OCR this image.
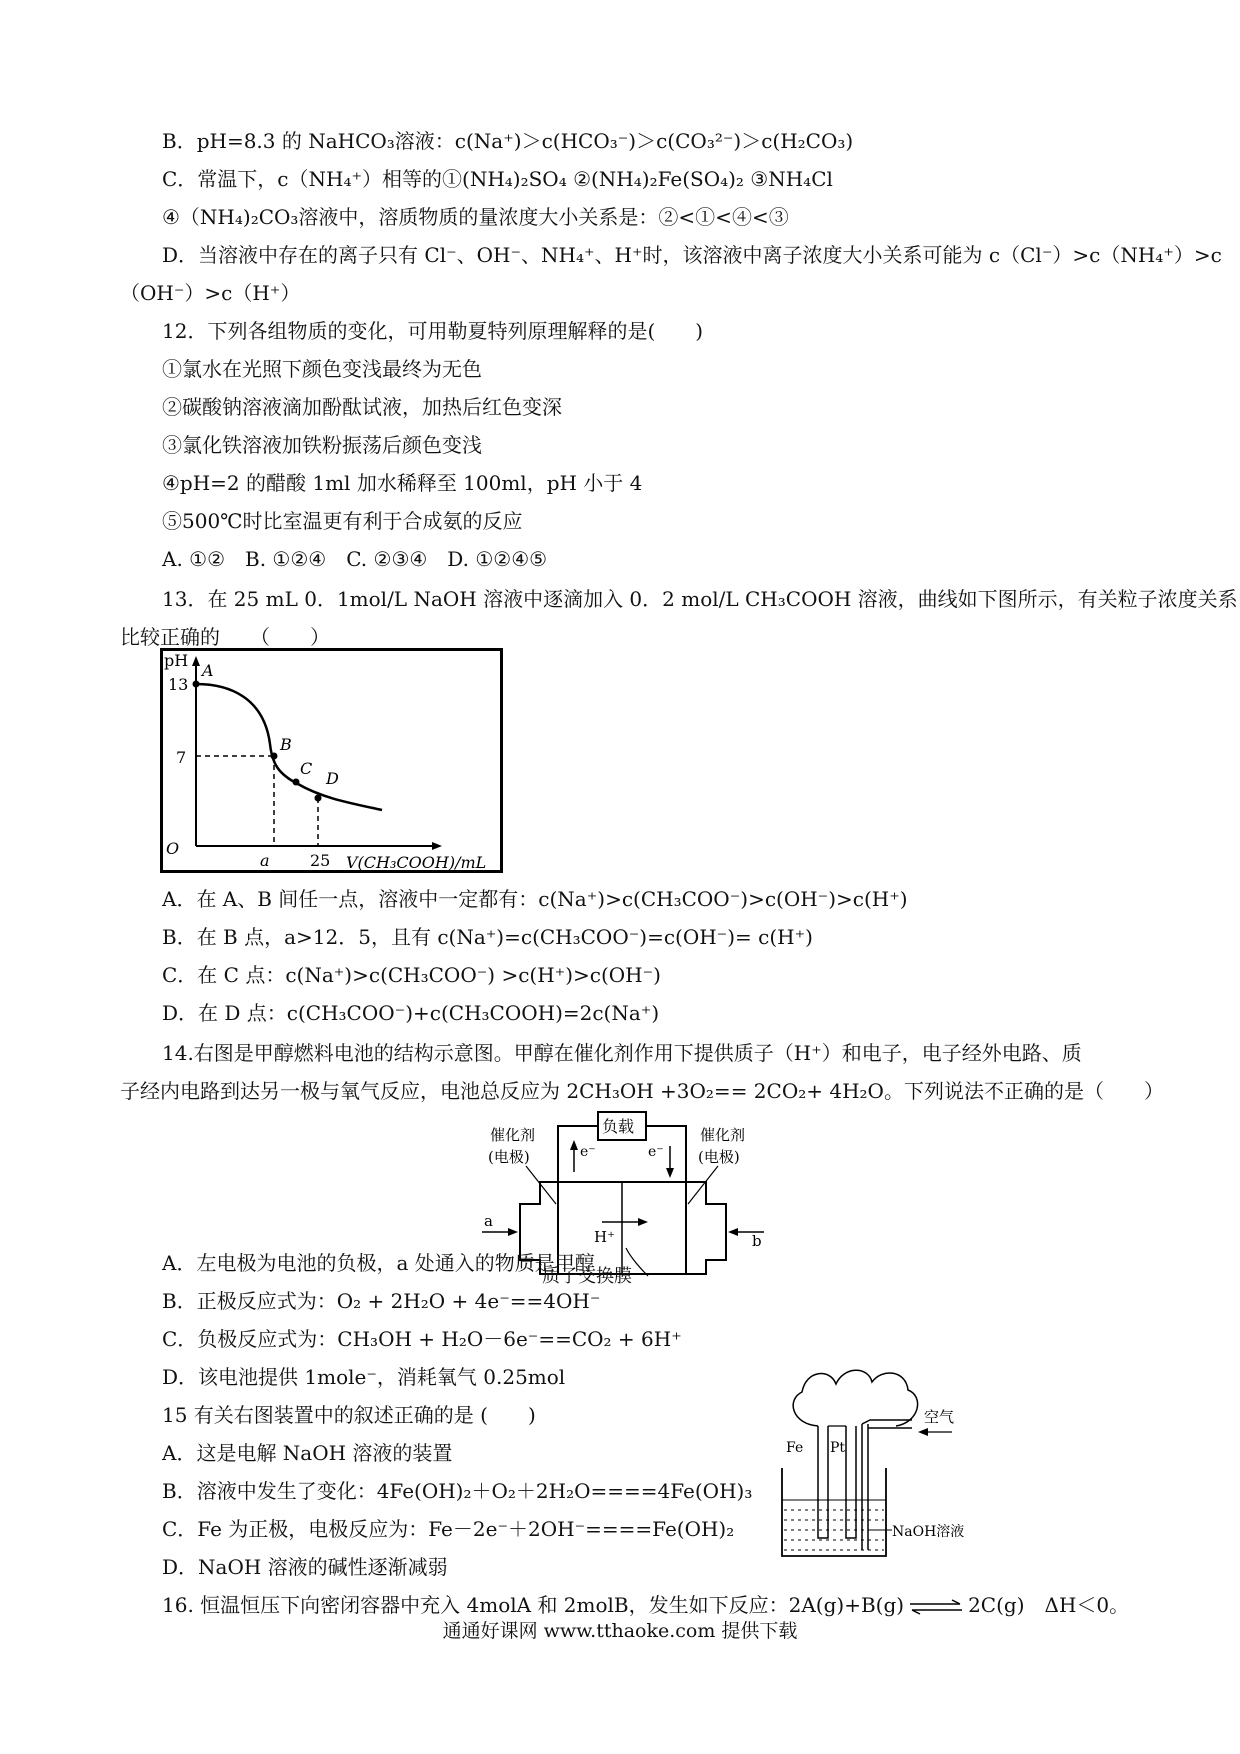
B．pH=8.3 的 NaHCO₃溶液：c(Na⁺)＞c(HCO₃⁻)＞c(CO₃²⁻)＞c(H₂CO₃)
C．常温下，c（NH₄⁺）相等的①(NH₄)₂SO₄ ②(NH₄)₂Fe(SO₄)₂ ③NH₄Cl
④（NH₄)₂CO₃溶液中，溶质物质的量浓度大小关系是：②<①<④<③
D．当溶液中存在的离子只有 Cl⁻、OH⁻、NH₄⁺、H⁺时，该溶液中离子浓度大小关系可能为 c（Cl⁻）>c（NH₄⁺）>c
（OH⁻）>c（H⁺）
12．下列各组物质的变化，可用勒夏特列原理解释的是(　　)
①氯水在光照下颜色变浅最终为无色
②碳酸钠溶液滴加酚酞试液，加热后红色变深
③氯化铁溶液加铁粉振荡后颜色变浅
④pH=2 的醋酸 1ml 加水稀释至 100ml，pH 小于 4
⑤500℃时比室温更有利于合成氨的反应
A. ①②　B. ①②④　C. ②③④　D. ①②④⑤
13．在 25 mL 0．1mol/L NaOH 溶液中逐滴加入 0．2 mol/L CH₃COOH 溶液，曲线如下图所示，有关粒子浓度关系
比较正确的　　（　　）
pH
13
7
O
a	25 V(CH₃COOH)/mL
A
B
C
D
A．在 A、B 间任一点，溶液中一定都有：c(Na⁺)>c(CH₃COO⁻)>c(OH⁻)>c(H⁺)
B．在 B 点，a>12．5，且有 c(Na⁺)=c(CH₃COO⁻)=c(OH⁻)= c(H⁺)
C．在 C 点：c(Na⁺)>c(CH₃COO⁻) >c(H⁺)>c(OH⁻)
D．在 D 点：c(CH₃COO⁻)+c(CH₃COOH)=2c(Na⁺)
14.右图是甲醇燃料电池的结构示意图。甲醇在催化剂作用下提供质子（H⁺）和电子，电子经外电路、质
子经内电路到达另一极与氧气反应，电池总反应为 2CH₃OH +3O₂== 2CO₂+ 4H₂O。下列说法不正确的是（　　）
负载
e⁻	e⁻
催化剂
(电极)
催化剂
(电极)
a
b
H⁺
质子交换膜
A．左电极为电池的负极，a 处通入的物质是甲醇
B．正极反应式为：O₂ + 2H₂O + 4e⁻==4OH⁻
C．负极反应式为：CH₃OH + H₂O－6e⁻==CO₂ + 6H⁺
D．该电池提供 1mole⁻，消耗氧气 0.25mol
15 有关右图装置中的叙述正确的是 (　　)
A．这是电解 NaOH 溶液的装置
B．溶液中发生了变化：4Fe(OH)₂＋O₂＋2H₂O====4Fe(OH)₃
C．Fe 为正极，电极反应为：Fe－2e⁻＋2OH⁻====Fe(OH)₂
D．NaOH 溶液的碱性逐渐减弱
空气
Fe Pt
NaOH溶液
16. 恒温恒压下向密闭容器中充入 4molA 和 2molB，发生如下反应：2A(g)+B(g) ⇌ 2C(g)　ΔH＜0。
通通好课网 www.tthaoke.com 提供下载
